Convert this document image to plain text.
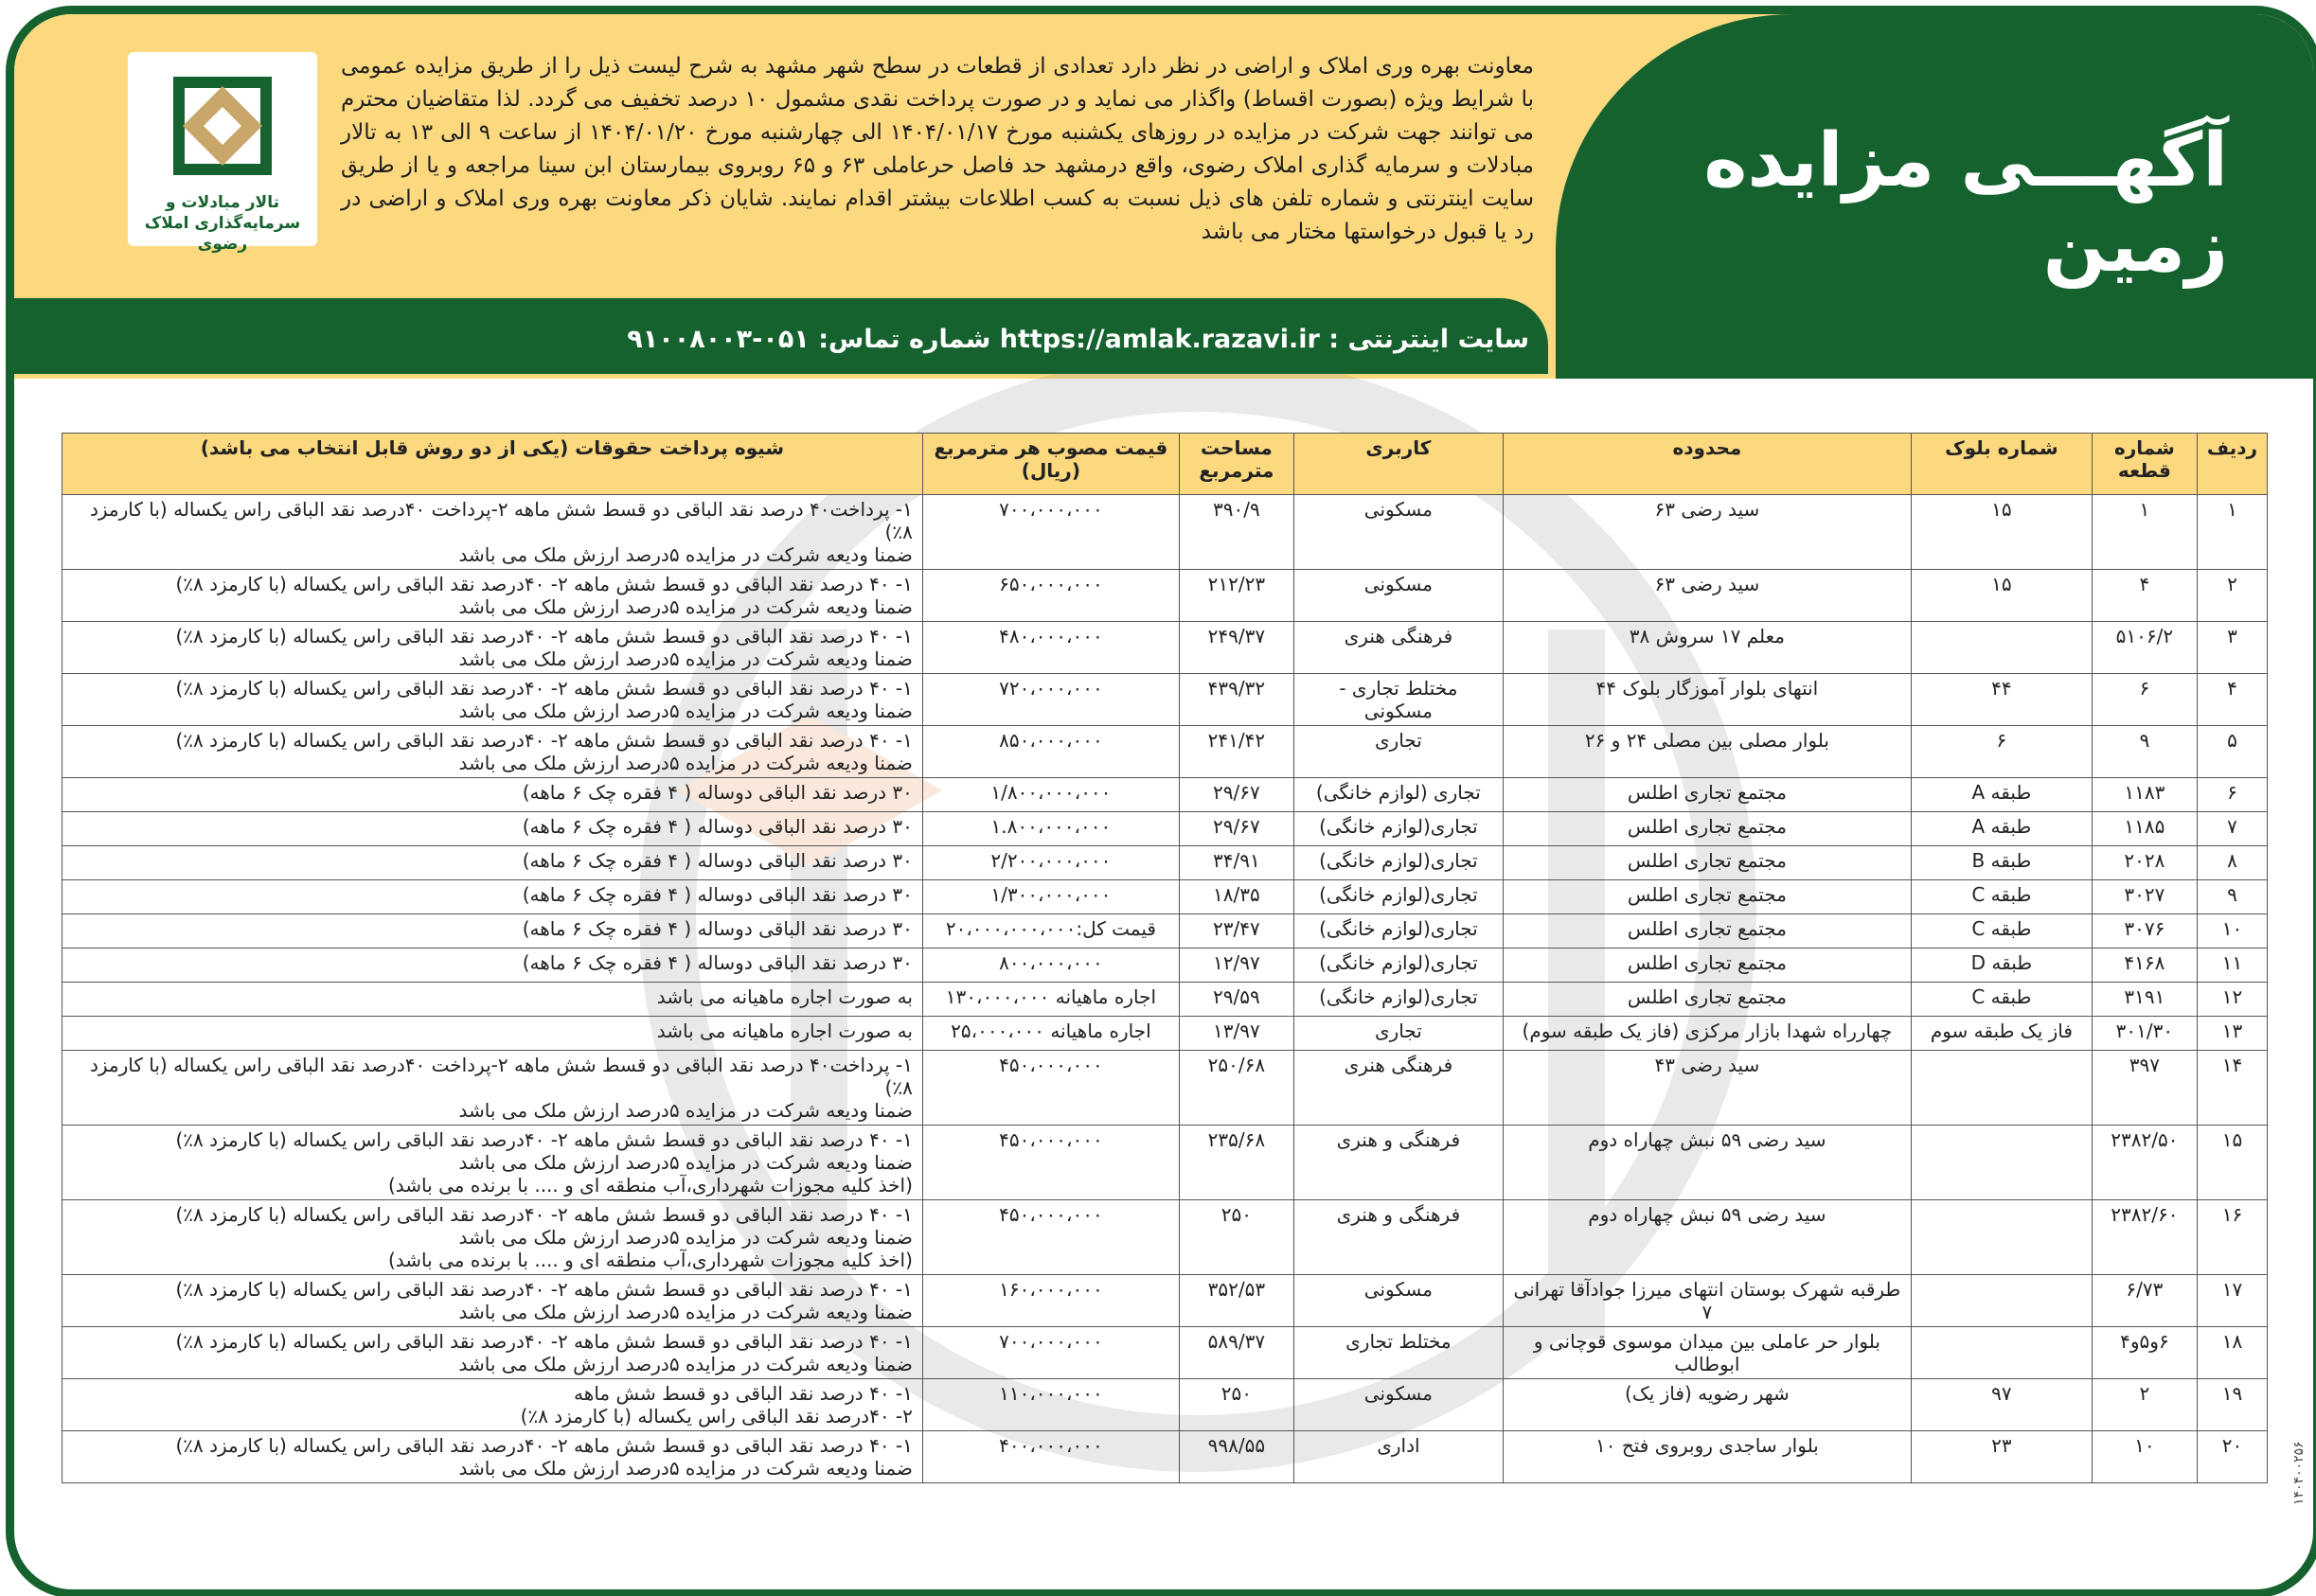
آگهـــی مزایده زمین
تالار مبادلات و سرمایه‌گذاری املاک رضوی
معاونت بهره وری املاک و اراضی در نظر دارد تعدادی از قطعات در سطح شهر مشهد به شرح لیست ذیل را از طریق مزایده عمومی با شرایط ویژه (بصورت اقساط) واگذار می نماید و در صورت پرداخت نقدی مشمول ۱۰ درصد تخفیف می گردد. لذا متقاضیان محترم می توانند جهت شرکت در مزایده در روزهای یکشنبه مورخ ۱۴۰۴/۰۱/۱۷ الی چهارشنبه مورخ ۱۴۰۴/۰۱/۲۰ از ساعت ۹ الی ۱۳ به تالار مبادلات و سرمایه گذاری املاک رضوی، واقع درمشهد حد فاصل حرعاملی ۶۳ و ۶۵ روبروی بیمارستان ابن سینا مراجعه و یا از طریق سایت اینترنتی و شماره تلفن های ذیل نسبت به کسب اطلاعات بیشتر اقدام نمایند. شایان ذکر معاونت بهره وری املاک و اراضی در رد یا قبول درخواستها مختار می باشد
سایت اینترنتی : https://amlak.razavi.ir شماره تماس: ۰۵۱-۹۱۰۰۸۰۰۳
ردیف	شماره قطعه	شماره بلوک	محدوده	کاربری	مساحت مترمربع	قیمت مصوب هر مترمربع (ریال)	شیوه پرداخت حقوقات (یکی از دو روش قابل انتخاب می باشد)
۱	۱	۱۵	سید رضی ۶۳	مسکونی	۳۹۰/۹	۷۰۰،۰۰۰،۰۰۰	۱- پرداخت۴۰ درصد نقد الباقی دو قسط شش ماهه ۲-پرداخت ۴۰درصد نقد الباقی راس یکساله (با کارمزد ۸٪)
ضمنا ودیعه شرکت در مزایده ۵درصد ارزش ملک می باشد
۲	۴	۱۵	سید رضی ۶۳	مسکونی	۲۱۲/۲۳	۶۵۰،۰۰۰،۰۰۰	۱- ۴۰ درصد نقد الباقی دو قسط شش ماهه ۲- ۴۰درصد نقد الباقی راس یکساله (با کارمزد ۸٪)
ضمنا ودیعه شرکت در مزایده ۵درصد ارزش ملک می باشد
۳	۵۱۰۶/۲		معلم ۱۷ سروش ۳۸	فرهنگی هنری	۲۴۹/۳۷	۴۸۰،۰۰۰،۰۰۰	۱- ۴۰ درصد نقد الباقی دو قسط شش ماهه ۲- ۴۰درصد نقد الباقی راس یکساله (با کارمزد ۸٪)
ضمنا ودیعه شرکت در مزایده ۵درصد ارزش ملک می باشد
۴	۶	۴۴	انتهای بلوار آموزگار بلوک ۴۴	مختلط تجاری - مسکونی	۴۳۹/۳۲	۷۲۰،۰۰۰،۰۰۰	۱- ۴۰ درصد نقد الباقی دو قسط شش ماهه ۲- ۴۰درصد نقد الباقی راس یکساله (با کارمزد ۸٪)
ضمنا ودیعه شرکت در مزایده ۵درصد ارزش ملک می باشد
۵	۹	۶	بلوار مصلی بین مصلی ۲۴ و ۲۶	تجاری	۲۴۱/۴۲	۸۵۰،۰۰۰،۰۰۰	۱- ۴۰ درصد نقد الباقی دو قسط شش ماهه ۲- ۴۰درصد نقد الباقی راس یکساله (با کارمزد ۸٪)
ضمنا ودیعه شرکت در مزایده ۵درصد ارزش ملک می باشد
۶	۱۱۸۳	طبقه A	مجتمع تجاری اطلس	تجاری (لوازم خانگی)	۲۹/۶۷	۱/۸۰۰،۰۰۰،۰۰۰	۳۰ درصد نقد الباقی دوساله ( ۴ فقره چک ۶ ماهه)
۷	۱۱۸۵	طبقه A	مجتمع تجاری اطلس	تجاری(لوازم خانگی)	۲۹/۶۷	۱.۸۰۰،۰۰۰،۰۰۰	۳۰ درصد نقد الباقی دوساله ( ۴ فقره چک ۶ ماهه)
۸	۲۰۲۸	طبقه B	مجتمع تجاری اطلس	تجاری(لوازم خانگی)	۳۴/۹۱	۲/۲۰۰،۰۰۰،۰۰۰	۳۰ درصد نقد الباقی دوساله ( ۴ فقره چک ۶ ماهه)
۹	۳۰۲۷	طبقه C	مجتمع تجاری اطلس	تجاری(لوازم خانگی)	۱۸/۳۵	۱/۳۰۰،۰۰۰،۰۰۰	۳۰ درصد نقد الباقی دوساله ( ۴ فقره چک ۶ ماهه)
۱۰	۳۰۷۶	طبقه C	مجتمع تجاری اطلس	تجاری(لوازم خانگی)	۲۳/۴۷	قیمت کل:۲۰،۰۰۰،۰۰۰،۰۰۰	۳۰ درصد نقد الباقی دوساله ( ۴ فقره چک ۶ ماهه)
۱۱	۴۱۶۸	طبقه D	مجتمع تجاری اطلس	تجاری(لوازم خانگی)	۱۲/۹۷	۸۰۰،۰۰۰،۰۰۰	۳۰ درصد نقد الباقی دوساله ( ۴ فقره چک ۶ ماهه)
۱۲	۳۱۹۱	طبقه C	مجتمع تجاری اطلس	تجاری(لوازم خانگی)	۲۹/۵۹	اجاره ماهیانه ۱۳۰،۰۰۰،۰۰۰	به صورت اجاره ماهیانه می باشد
۱۳	۳۰۱/۳۰	فاز یک طبقه سوم	چهارراه شهدا بازار مرکزی (فاز یک طبقه سوم)	تجاری	۱۳/۹۷	اجاره ماهیانه ۲۵،۰۰۰،۰۰۰	به صورت اجاره ماهیانه می باشد
۱۴	۳۹۷		سید رضی ۴۳	فرهنگی هنری	۲۵۰/۶۸	۴۵۰،۰۰۰،۰۰۰	۱- پرداخت۴۰ درصد نقد الباقی دو قسط شش ماهه ۲-پرداخت ۴۰درصد نقد الباقی راس یکساله (با کارمزد ۸٪)
ضمنا ودیعه شرکت در مزایده ۵درصد ارزش ملک می باشد
۱۵	۲۳۸۲/۵۰		سید رضی ۵۹ نبش چهاراه دوم	فرهنگی و هنری	۲۳۵/۶۸	۴۵۰،۰۰۰،۰۰۰	۱- ۴۰ درصد نقد الباقی دو قسط شش ماهه ۲- ۴۰درصد نقد الباقی راس یکساله (با کارمزد ۸٪)
ضمنا ودیعه شرکت در مزایده ۵درصد ارزش ملک می باشد
(اخذ کلیه مجوزات شهرداری،آب منطقه ای و .... با برنده می باشد)
۱۶	۲۳۸۲/۶۰		سید رضی ۵۹ نبش چهاراه دوم	فرهنگی و هنری	۲۵۰	۴۵۰،۰۰۰،۰۰۰	۱- ۴۰ درصد نقد الباقی دو قسط شش ماهه ۲- ۴۰درصد نقد الباقی راس یکساله (با کارمزد ۸٪)
ضمنا ودیعه شرکت در مزایده ۵درصد ارزش ملک می باشد
(اخذ کلیه مجوزات شهرداری،آب منطقه ای و .... با برنده می باشد)
۱۷	۶/۷۳		طرقبه شهرک بوستان انتهای میرزا جوادآقا تهرانی ۷	مسکونی	۳۵۲/۵۳	۱۶۰،۰۰۰،۰۰۰	۱- ۴۰ درصد نقد الباقی دو قسط شش ماهه ۲- ۴۰درصد نقد الباقی راس یکساله (با کارمزد ۸٪)
ضمنا ودیعه شرکت در مزایده ۵درصد ارزش ملک می باشد
۱۸	۶و۵و۴		بلوار حر عاملی بین میدان موسوی قوچانی و ابوطالب	مختلط تجاری	۵۸۹/۳۷	۷۰۰،۰۰۰،۰۰۰	۱- ۴۰ درصد نقد الباقی دو قسط شش ماهه ۲- ۴۰درصد نقد الباقی راس یکساله (با کارمزد ۸٪)
ضمنا ودیعه شرکت در مزایده ۵درصد ارزش ملک می باشد
۱۹	۲	۹۷	شهر رضویه (فاز یک)	مسکونی	۲۵۰	۱۱۰،۰۰۰،۰۰۰	۱- ۴۰ درصد نقد الباقی دو قسط شش ماهه
۲- ۴۰درصد نقد الباقی راس یکساله (با کارمزد ۸٪)
۲۰	۱۰	۲۳	بلوار ساجدی روبروی فتح ۱۰	اداری	۹۹۸/۵۵	۴۰۰،۰۰۰،۰۰۰	۱- ۴۰ درصد نقد الباقی دو قسط شش ماهه ۲- ۴۰درصد نقد الباقی راس یکساله (با کارمزد ۸٪)
ضمنا ودیعه شرکت در مزایده ۵درصد ارزش ملک می باشد	۱۴۰۴۰۰۲۵۶
